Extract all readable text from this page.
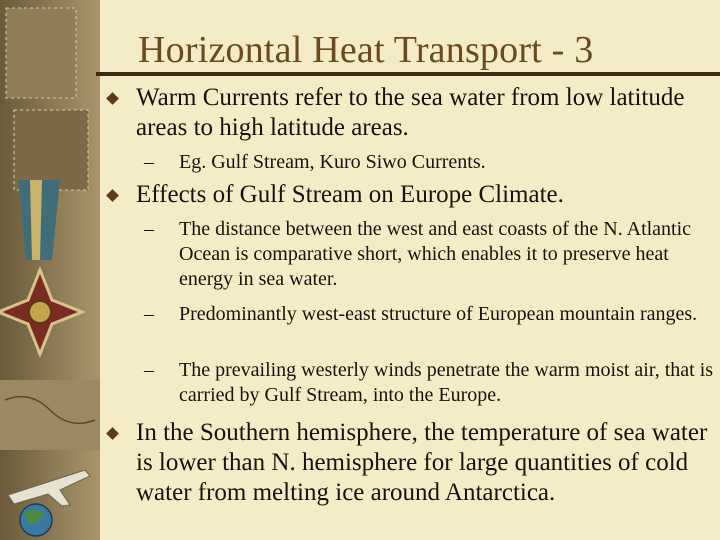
Horizontal Heat Transport - 3
Warm Currents refer to the sea water from low latitude areas to high latitude areas.
– Eg. Gulf Stream, Kuro Siwo Currents.
Effects of Gulf Stream on Europe Climate.
– The distance between the west and east coasts of the N. Atlantic Ocean is comparative short, which enables it to preserve heat energy in sea water.
– Predominantly west-east structure of European mountain ranges.
– The prevailing westerly winds penetrate the warm moist air, that is carried by Gulf Stream, into the Europe.
In the Southern hemisphere, the temperature of sea water is lower than N. hemisphere for large quantities of cold water from melting ice around Antarctica.
